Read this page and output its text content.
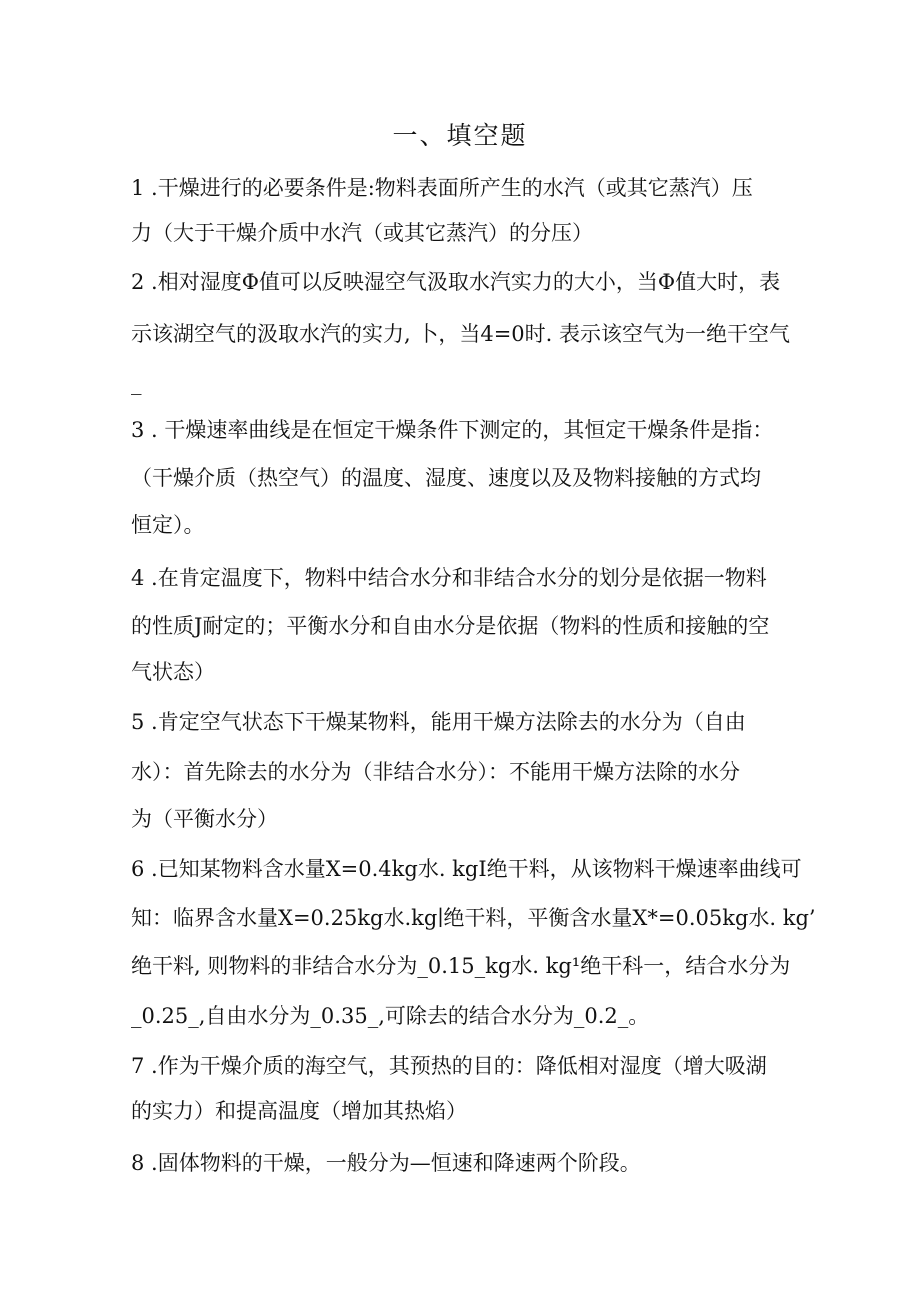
一、填空题
1 .干燥进行的必要条件是:物料表面所产生的水汽（或其它蒸汽）压
力（大于干燥介质中水汽（或其它蒸汽）的分压）
2 .相对湿度Φ值可以反映湿空气汲取水汽实力的大小，当Φ值大时，表
示该湖空气的汲取水汽的实力, 卜，当4=0时. 表示该空气为一绝干空气
_
3 . 干燥速率曲线是在恒定干燥条件下测定的，其恒定干燥条件是指：
（干燥介质（热空气）的温度、湿度、速度以及及物料接触的方式均
恒定）。
4 .在肯定温度下，物料中结合水分和非结合水分的划分是依据一物料
的性质J耐定的；平衡水分和自由水分是依据（物料的性质和接触的空
气状态）
5 .肯定空气状态下干燥某物料，能用干燥方法除去的水分为（自由
水）：首先除去的水分为（非结合水分）：不能用干燥方法除的水分
为（平衡水分）
6 .已知某物料含水量X=0.4kg水. kgI绝干料，从该物料干燥速率曲线可
知：临界含水量X=0.25kg水.kg∣绝干料，平衡含水量X*=0.05kg水. kg’
绝干料, 则物料的非结合水分为_0.15_kg水. kg¹绝干科一，结合水分为
_0.25_,自由水分为_0.35_,可除去的结合水分为_0.2_。
7 .作为干燥介质的海空气，其预热的目的：降低相对湿度（增大吸湖
的实力）和提高温度（增加其热焰）
8 .固体物料的干燥，一般分为—恒速和降速两个阶段。
